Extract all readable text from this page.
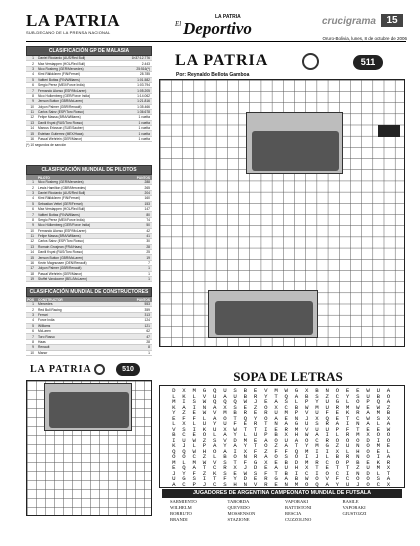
LA PATRIA
SUB-DECANO DE LA PRENSA NACIONAL
El Deportivo
LA PATRIA	crucigrama	15
Oruro-Bolivia, lunes, 8 de octubre de 2006
CLASIFICACIÓN GP DE MALASIA
1	Daniel Ricciardo (AUS/Red Bull)	1h37:12.776
2	Max Verstappen (HOL/Red Bull)	2.443
3	Nico Rosberg (GER/Mercedes)	25:516(*)
4	Kimi Räikkönen (FIN/Ferrari)	28.785
5	Valtteri Bottas (FIN/Williams)	1:01.582
6	Sergio Perez (MEX/Force India)	1:03.794
7	Fernando Alonso (ESP/McLaren)	1:05.205
8	Nico Hulkenberg (GER/Force India)	1:14.062
9	Jenson Button (GBR/McLaren)	1:21.816
10	Jolyon Palmer (GBR/Renault)	1:35.466
11	Carlos Sainz (ESP/Toro Rosso)	1:36.678
12	Felipe Massa (BRA/Williams)	1 vuelta
13	Daniil Kvyat (RUS/Toro Rosso)	1 vuelta
14	Marcus Ericsson (SUE/Sauber)	1 vuelta
15	Esteban Gutierrez (MEX/Haas)	1 vuelta
16	Pascal Wehrlein (GER/Manor)	1 vuelta
(*) 10 segundos de sanción
CLASIFICACIÓN MUNDIAL DE PILOTOS
PILOTO	PUNTOS
1	Nico Rosberg (GER/Mercedes)	288
2	Lewis Hamilton (GBR/Mercedes)	265
3	Daniel Ricciardo (AUS/Red Bull)	204
4	Kimi Räikkönen (FIN/Ferrari)	160
5	Sebastian Vettel (GER/Ferrari)	153
6	Max Verstappen (HOL/Red Bull)	147
7	Valtteri Bottas (FIN/Williams)	80
8	Sergio Perez (MEX/Force India)	74
9	Nico Hülkenberg (GER/Force India)	50
10	Fernando Alonso (ESP/McLaren)	42
11	Felipe Massa (BRA/Williams)	41
12	Carlos Sainz (ESP/Toro Rosso)	30
13	Romain Grosjean (FRA/Haas)	28
14	Daniil Kvyat (RUS/Toro Rosso)	25
15	Jenson Button (GBR/McLaren)	19
16	Kevin Magnussen (DEN/Renault)	7
17	Jolyon Palmer (GBR/Renault)	1
18	Pascal Wehrlein (GER/Manor)	1
19	Stoffel Vandoorne (BEL/McLaren)	1
CLASIFICACIÓN MUNDIAL DE CONSTRUCTORES
POS	CONSTRUCTOR	PUNTOS
1	Mercedes	553
2	Red Bull Racing	359
3	Ferrari	313
4	Force India	124
5	Williams	121
6	McLaren	62
7	Toro Rosso	47
8	Haas	28
9	Renault	8
10	Manor	1
LA PATRIA	511
Por: Reynaldo Bellota Gamboa
LA PATRIA	510	SOPA DE LETRAS
D X M G Q U S B E V M W G X B N O E E W U A
L K L V U A U B R Y T Q A B S Z C Y S U B O
M I S W Q Q Q W J E A S L P Y U G L O P Q A
K A I N A X S E Z O X C B W M U R M W E W Z
Y Z E W V M B R E R U M P V U F E K R A M B
E F F L A O T Q Y O A E N J X Q E T C W S X
L X L U Y U F E R T N A G U S R A I N A L A
V S I K U X W T T I E R M V U U P F T E E W
B C E O L A Y L U P B X H W A I L R M X O O
I U W Z S V D M E A O U A O C R O O O D I O
K J L P A Y A Y T O Z A T Y M G Z U N O M E
Q Q W H O A I X F Z F F Q M I I X L H O E L
O O C Z L B O N R A O S O I J L B R N O I A
M L M W V S T F G X E B D M R C O P B E K R
E Q A T C R X J D E A U H X T E T T Z U M X
J Y F Z K S E W S F T B I C I O C I N D L T
U G S I T F Y D E R G A B W O V F C O O S A
A C P J C S H N V R E N M O Q A Y U J O C X
JUGADORES DE ARGENTINA CAMPEONATO MUNDIAL DE FUTSALA
SARMIENTO	TABORDA	VAPORAKI	BASILE
WILHELM	QUEVEDO	BATTISTONI	VAPORAKI
BORRUTO	MOSSENSON	RESCIA	GIUSTOZZI
BRANDI	STAZIONE	CUZZOLINO
